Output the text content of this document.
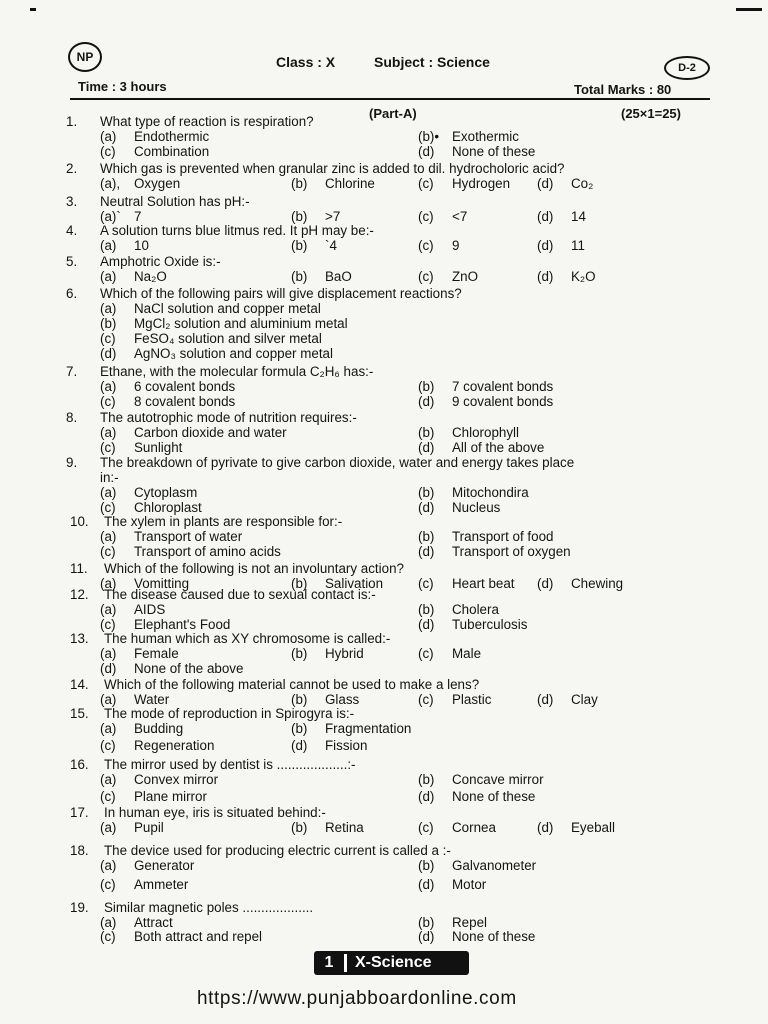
NP	Class : X	Subject : Science	D-2
Time : 3 hours	Total Marks : 80
(Part-A)	(25×1=25)
1. What type of reaction is respiration?
(a) Endothermic	(b)• Exothermic
(c) Combination	(d) None of these
2. Which gas is prevented when granular zinc is added to dil. hydrocholoric acid?
(a), Oxygen	(b) Chlorine	(c) Hydrogen (d) Co₂
3. Neutral Solution has pH:-
(a)` 7	(b) >7	(c) <7	(d) 14
4. A solution turns blue litmus red. It pH may be:-
(a) 10	(b) `4	(c) 9	(d) 11
5. Amphotric Oxide is:-
(a) Na₂O	(b) BaO	(c) ZnO	(d) K₂O
6. Which of the following pairs will give displacement reactions?
(a) NaCl solution and copper metal
(b) MgCl₂ solution and aluminium metal
(c) FeSO₄ solution and silver metal
(d) AgNO₃ solution and copper metal
7. Ethane, with the molecular formula C₂H₆ has:-
(a) 6 covalent bonds	(b) 7 covalent bonds
(c) 8 covalent bonds	(d) 9 covalent bonds
8. The autotrophic mode of nutrition requires:-
(a) Carbon dioxide and water	(b) Chlorophyll
(c) Sunlight	(d) All of the above
9. The breakdown of pyrivate to give carbon dioxide, water and energy takes place
in:-
(a) Cytoplasm	(b) Mitochondira
(c) Chloroplast	(d) Nucleus
10. The xylem in plants are responsible for:-
(a) Transport of water	(b) Transport of food
(c) Transport of amino acids	(d) Transport of oxygen
11. Which of the following is not an involuntary action?
(a) Vomitting	(b) Salivation	(c) Heart beat (d) Chewing
12. The disease caused due to sexual contact is:-
(a) AIDS	(b) Cholera
(c) Elephant's Food	(d) Tuberculosis
13. The human which as XY chromosome is called:-
(a) Female	(b) Hybrid	(c) Male
(d) None of the above
14. Which of the following material cannot be used to make a lens?
(a) Water	(b) Glass	(c) Plastic	(d) Clay
15. The mode of reproduction in Spirogyra is:-
(a) Budding	(b) Fragmentation
(c) Regeneration	(d) Fission
16. The mirror used by dentist is ...................:-
(a) Convex mirror	(b) Concave mirror
(c) Plane mirror	(d) None of these
17. In human eye, iris is situated behind:-
(a) Pupil	(b) Retina	(c) Cornea	(d) Eyeball
18. The device used for producing electric current is called a :-
(a) Generator	(b) Galvanometer
(c) Ammeter	(d) Motor
19. Similar magnetic poles ...................
(a) Attract	(b) Repel
(c) Both attract and repel	(d) None of these
1	X-Science
https://www.punjabboardonline.com
